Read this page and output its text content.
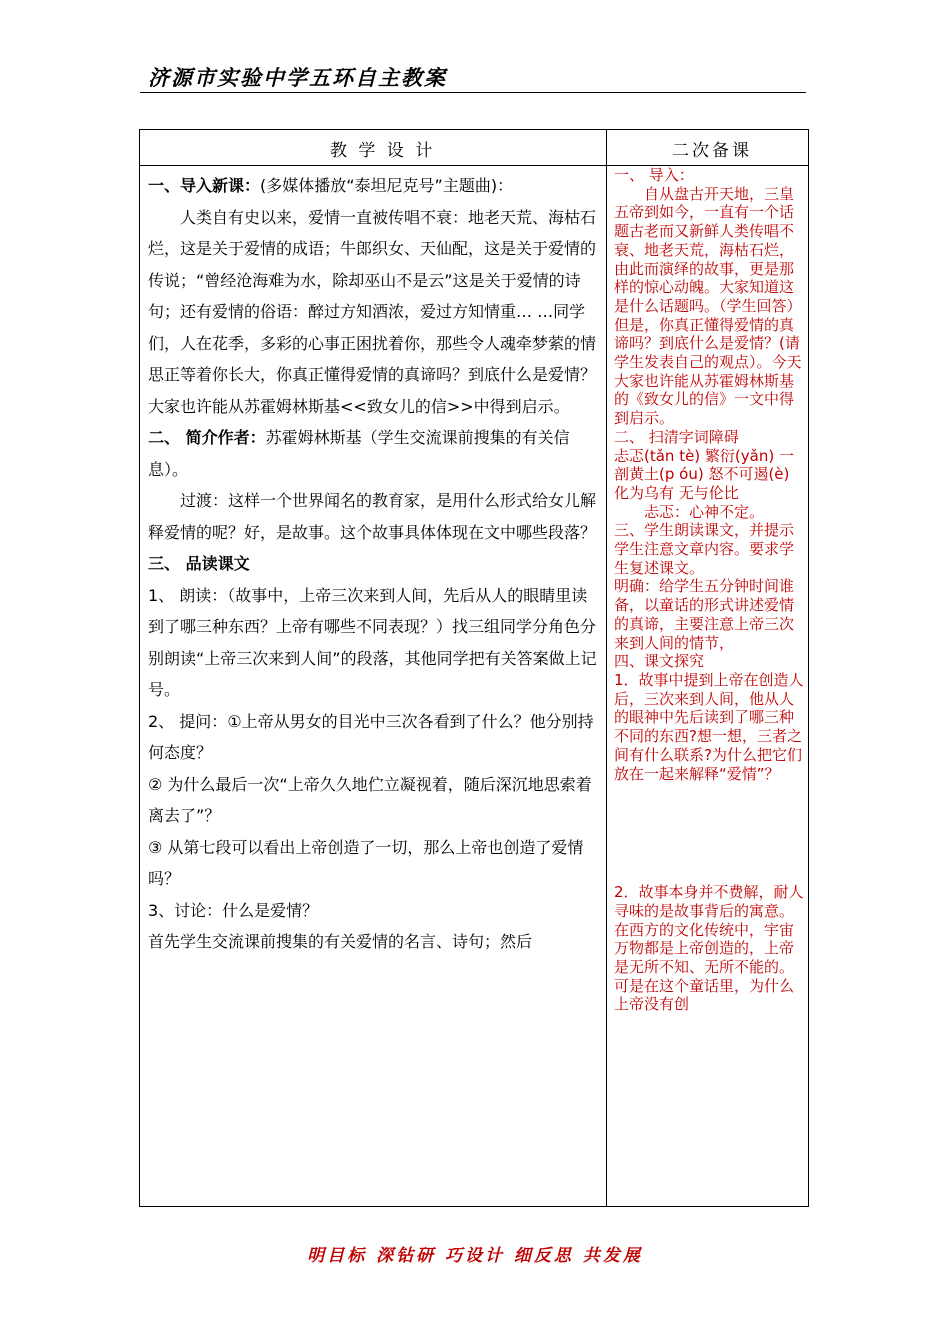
济源市实验中学五环自主教案
教 学 设 计	二次备课

一、导入新课：(多媒体播放“泰坦尼克号”主题曲)：

人类自有史以来，爱情一直被传唱不衰：地老天荒、海枯石烂，这是关于爱情的成语；牛郎织女、天仙配，这是关于爱情的传说；“曾经沧海难为水，除却巫山不是云”这是关于爱情的诗句；还有爱情的俗语：醉过方知酒浓，爱过方知情重… …同学们，人在花季，多彩的心事正困扰着你，那些令人魂牵梦萦的情思正等着你长大，你真正懂得爱情的真谛吗？到底什么是爱情？大家也许能从苏霍姆林斯基<<致女儿的信>>中得到启示。

二、 简介作者：苏霍姆林斯基（学生交流课前搜集的有关信息）。

过渡：这样一个世界闻名的教育家，是用什么形式给女儿解释爱情的呢？好，是故事。这个故事具体体现在文中哪些段落？

三、 品读课文

1、 朗读：（故事中，上帝三次来到人间，先后从人的眼睛里读到了哪三种东西？上帝有哪些不同表现？）找三组同学分角色分别朗读“上帝三次来到人间”的段落，其他同学把有关答案做上记号。

2、 提问：①上帝从男女的目光中三次各看到了什么？他分别持何态度？

② 为什么最后一次“上帝久久地伫立凝视着，随后深沉地思索着离去了”？

③ 从第七段可以看出上帝创造了一切，那么上帝也创造了爱情吗？

3、讨论：什么是爱情？

首先学生交流课前搜集的有关爱情的名言、诗句；然后

一、 导入：

自从盘古开天地，三皇五帝到如今，一直有一个话题古老而又新鲜人类传唱不衰、地老天荒，海枯石烂，由此而演绎的故事，更是那样的惊心动魄。大家知道这是什么话题吗。（学生回答） 但是，你真正懂得爱情的真谛吗？到底什么是爱情？(请学生发表自己的观点）。今天大家也许能从苏霍姆林斯基的《致女儿的信》一文中得到启示。

二、 扫清字词障碍

忐忑(tǎn tè) 繁衍(yǎn) 一剖黄土(p óu) 怒不可遏(è) 化为乌有 无与伦比

忐忑：心神不定。

三、学生朗读课文，并提示学生注意文章内容。要求学生复述课文。

明确：给学生五分钟时间谁备，以童话的形式讲述爱情的真谛，主要注意上帝三次来到人间的情节，

四、课文探究

1．故事中提到上帝在创造人后，三次来到人间，他从人的眼神中先后读到了哪三种不同的东西?想一想，三者之间有什么联系?为什么把它们放在一起来解释“爱情”？

2．故事本身并不费解，耐人寻味的是故事背后的寓意。在西方的文化传统中，宇宙万物都是上帝创造的，上帝是无所不知、无所不能的。可是在这个童话里，为什么上帝没有创

明目标 深钻研 巧设计 细反思 共发展
